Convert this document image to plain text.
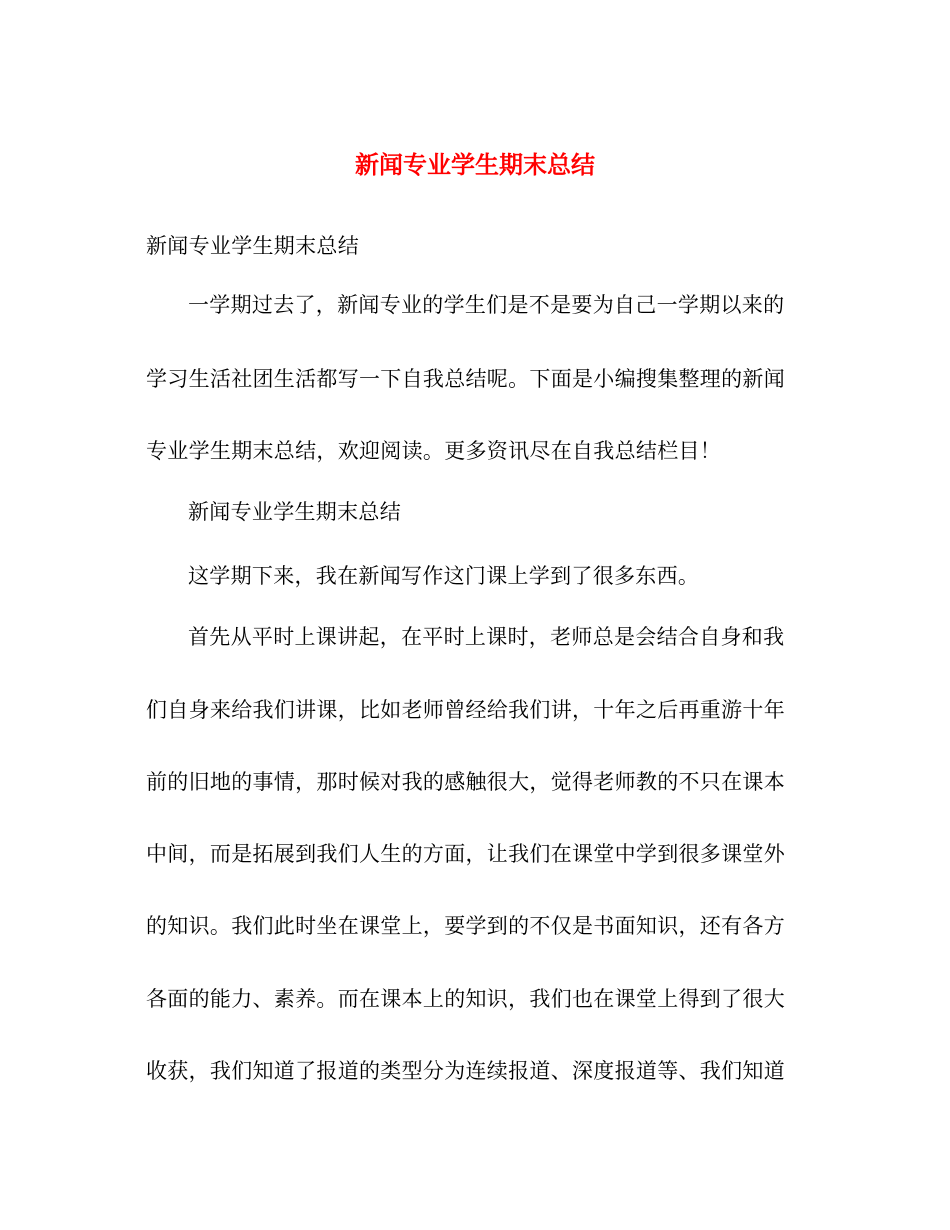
新闻专业学生期末总结
新闻专业学生期末总结
一学期过去了，新闻专业的学生们是不是要为自己一学期以来的
学习生活社团生活都写一下自我总结呢。下面是小编搜集整理的新闻
专业学生期末总结，欢迎阅读。更多资讯尽在自我总结栏目！
新闻专业学生期末总结
这学期下来，我在新闻写作这门课上学到了很多东西。
首先从平时上课讲起，在平时上课时，老师总是会结合自身和我
们自身来给我们讲课，比如老师曾经给我们讲，十年之后再重游十年
前的旧地的事情，那时候对我的感触很大，觉得老师教的不只在课本
中间，而是拓展到我们人生的方面，让我们在课堂中学到很多课堂外
的知识。我们此时坐在课堂上，要学到的不仅是书面知识，还有各方
各面的能力、素养。而在课本上的知识，我们也在课堂上得到了很大
收获，我们知道了报道的类型分为连续报道、深度报道等、我们知道
